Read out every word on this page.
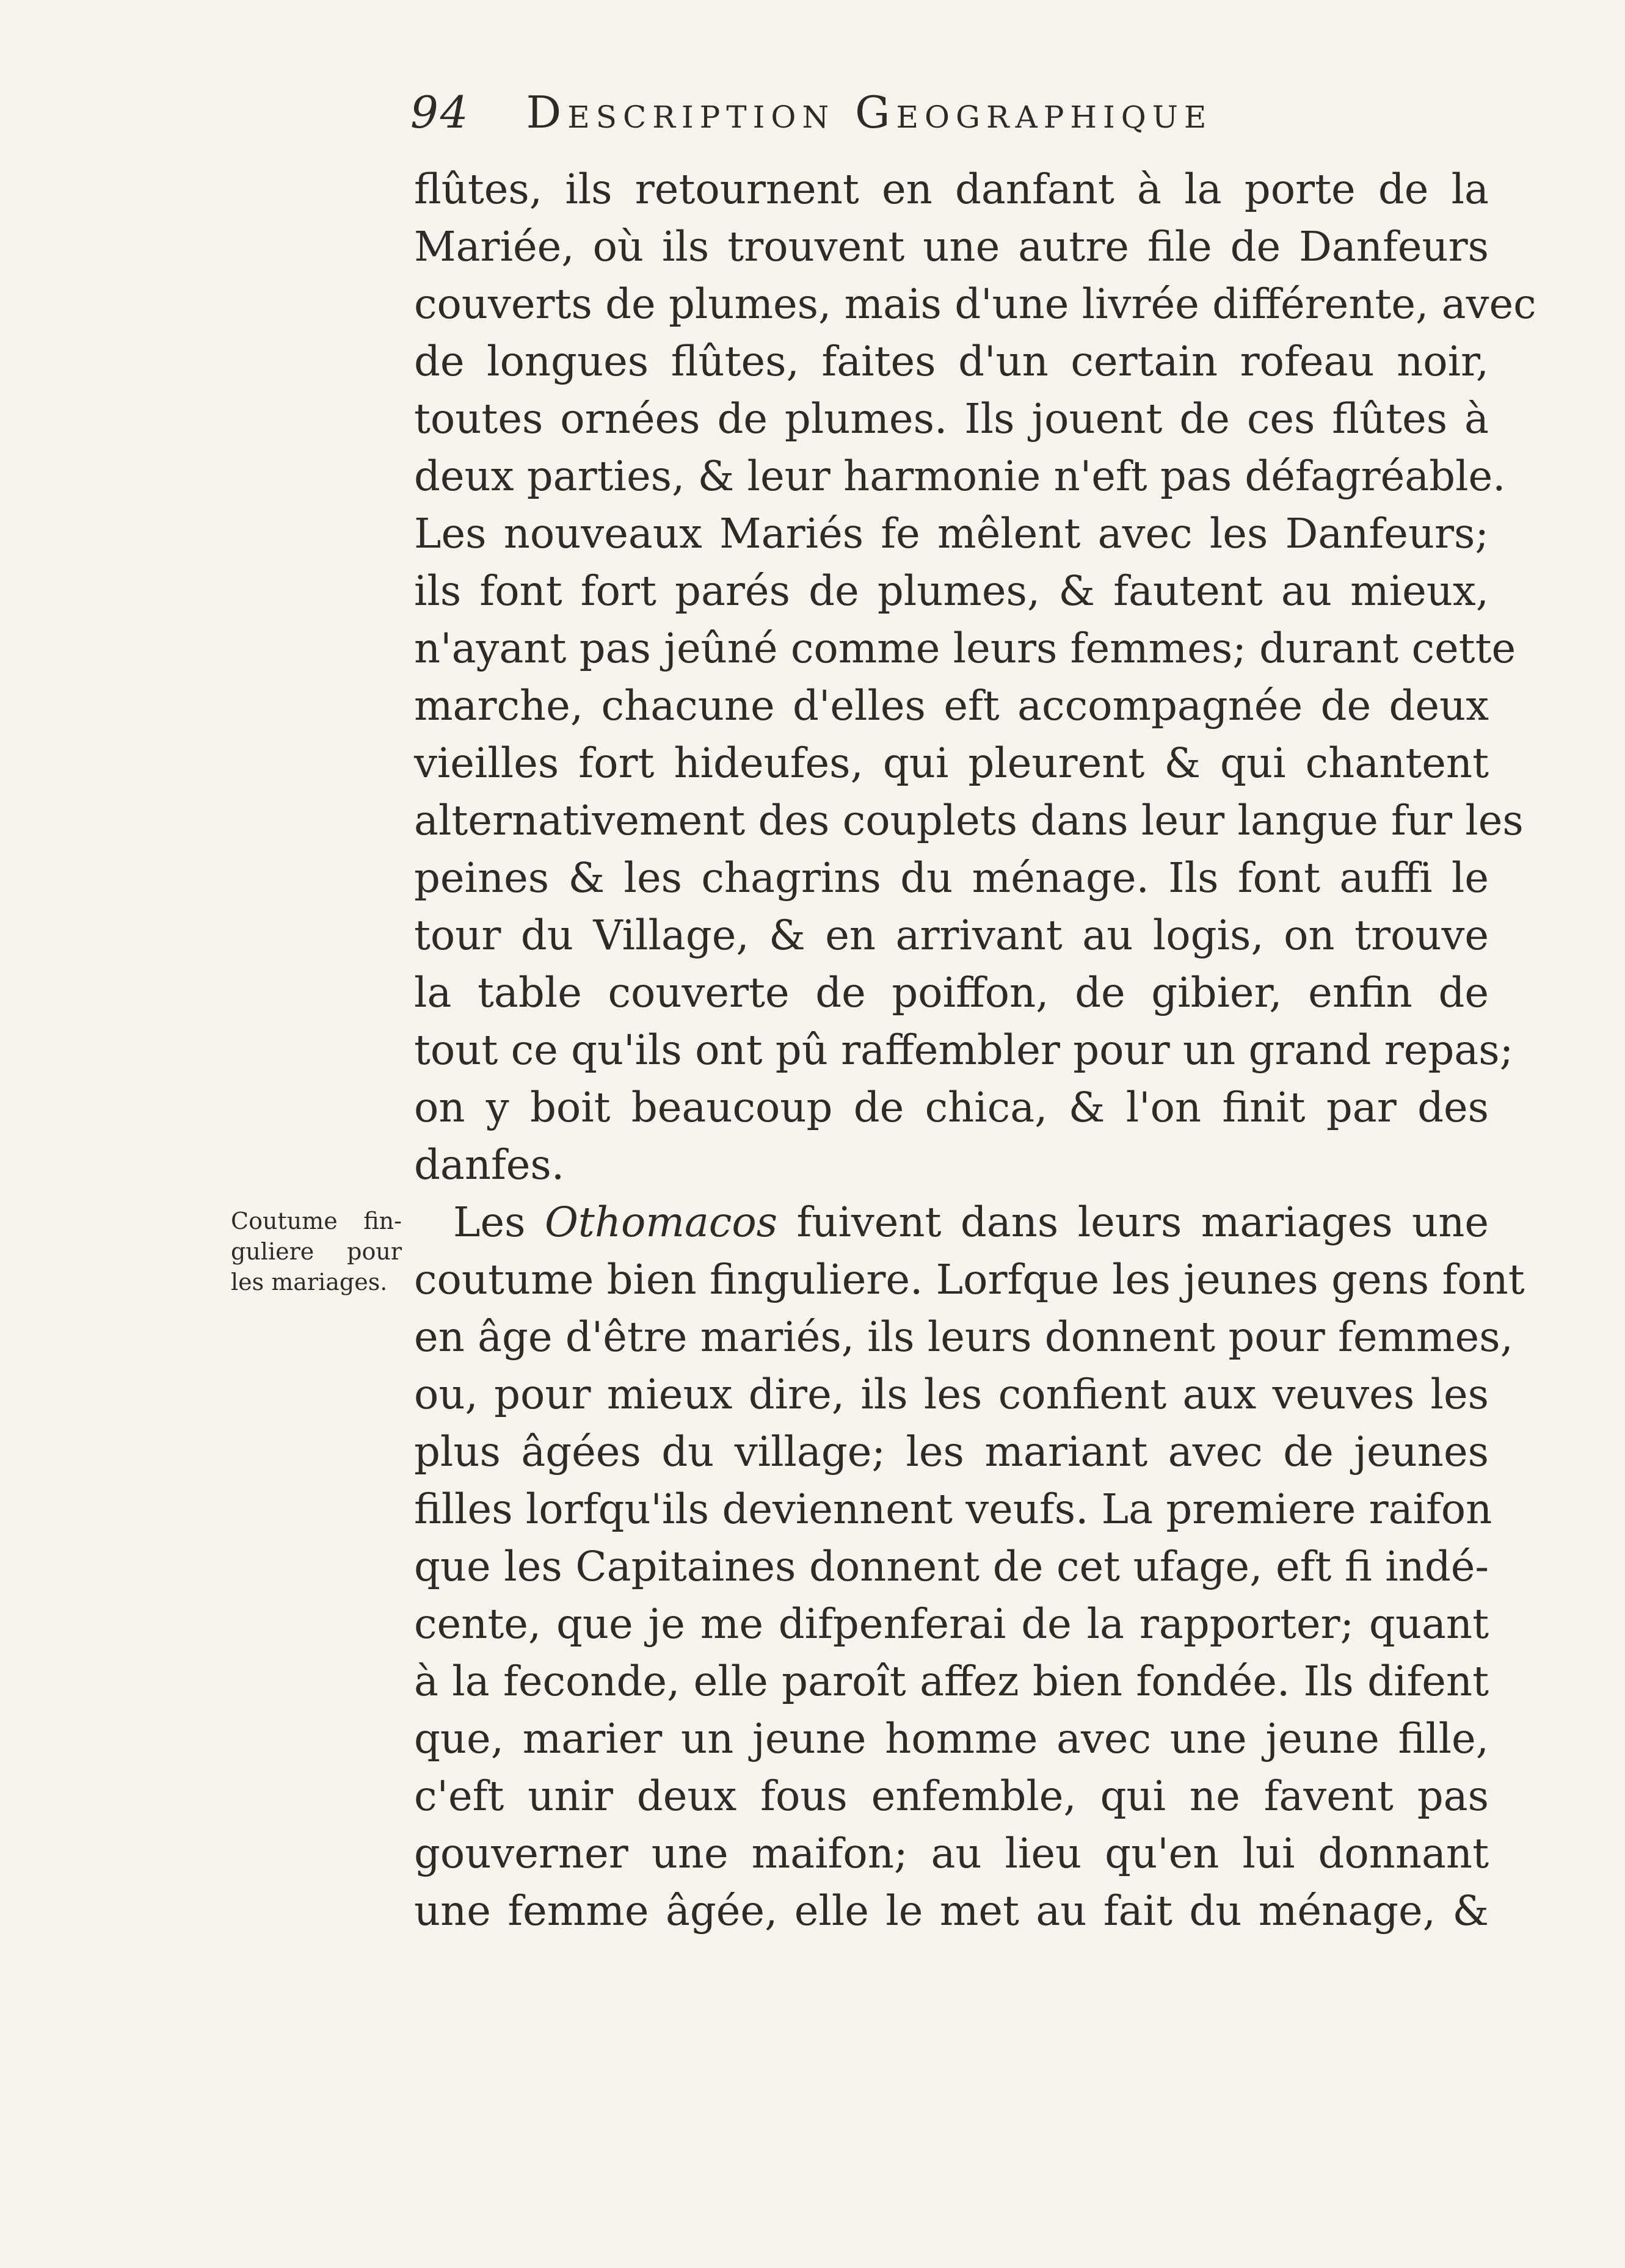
94 Description Geographique
Coutume fin-
guliere pour
les mariages.
flûtes, ils retournent en danfant à la porte de la
Mariée, où ils trouvent une autre file de Danfeurs
couverts de plumes, mais d'une livrée différente, avec
de longues flûtes, faites d'un certain rofeau noir,
toutes ornées de plumes. Ils jouent de ces flûtes à
deux parties, & leur harmonie n'eft pas défagréable.
Les nouveaux Mariés fe mêlent avec les Danfeurs;
ils font fort parés de plumes, & fautent au mieux,
n'ayant pas jeûné comme leurs femmes; durant cette
marche, chacune d'elles eft accompagnée de deux
vieilles fort hideufes, qui pleurent & qui chantent
alternativement des couplets dans leur langue fur les
peines & les chagrins du ménage. Ils font auffi le
tour du Village, & en arrivant au logis, on trouve
la table couverte de poiffon, de gibier, enfin de
tout ce qu'ils ont pû raffembler pour un grand repas;
on y boit beaucoup de chica, & l'on finit par des
danfes.
Les Othomacos fuivent dans leurs mariages une
coutume bien finguliere. Lorfque les jeunes gens font
en âge d'être mariés, ils leurs donnent pour femmes,
ou, pour mieux dire, ils les confient aux veuves les
plus âgées du village; les mariant avec de jeunes
filles lorfqu'ils deviennent veufs. La premiere raifon
que les Capitaines donnent de cet ufage, eft fi indé-
cente, que je me difpenferai de la rapporter; quant
à la feconde, elle paroît affez bien fondée. Ils difent
que, marier un jeune homme avec une jeune fille,
c'eft unir deux fous enfemble, qui ne favent pas
gouverner une maifon; au lieu qu'en lui donnant
une femme âgée, elle le met au fait du ménage, &
